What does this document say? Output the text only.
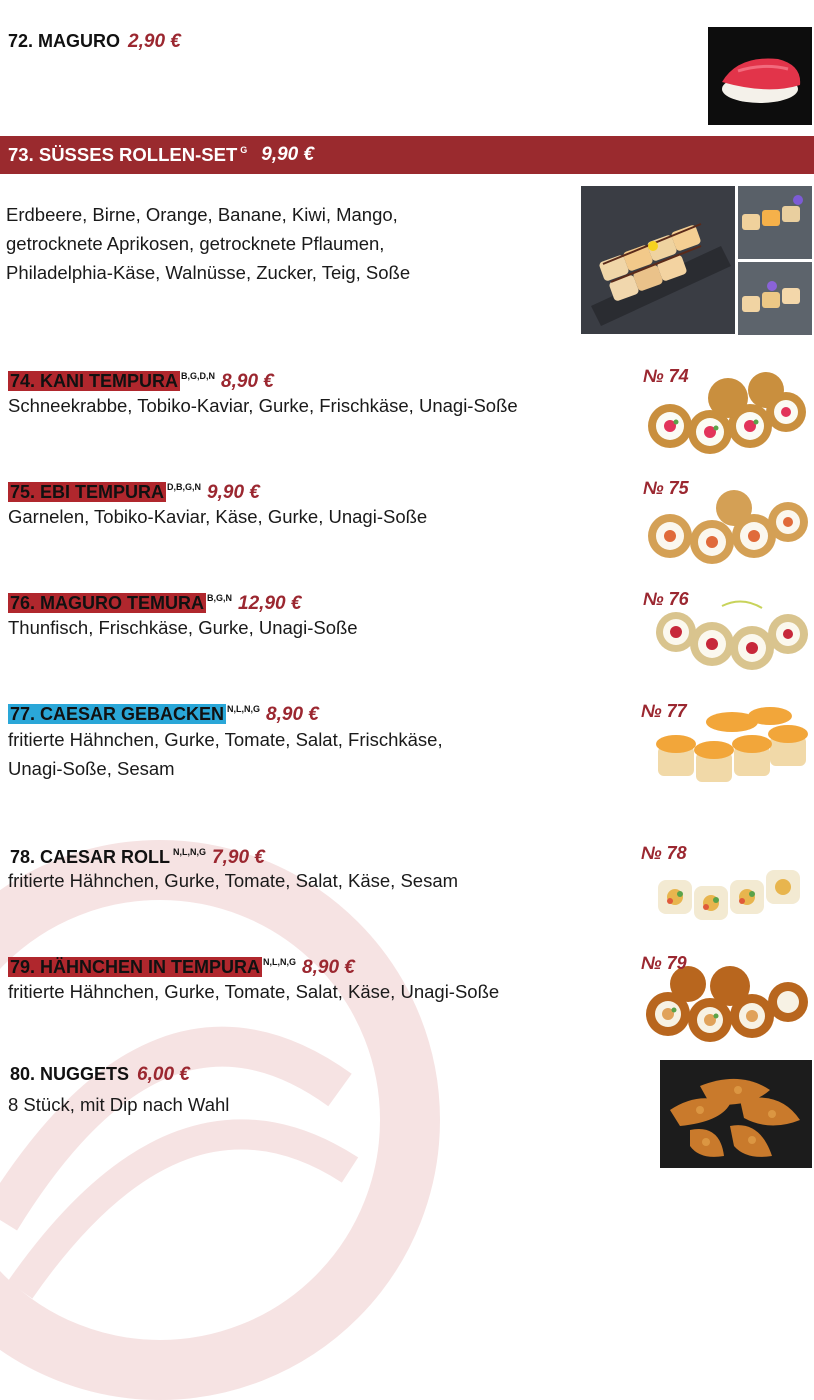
72. MAGURO 2,90 €
73. SÜSSES ROLLEN-SET $^G$ 9,90 €
Erdbeere, Birne, Orange, Banane, Kiwi, Mango,
getrocknete Aprikosen, getrocknete Pflaumen,
Philadelphia-Käse, Walnüsse, Zucker, Teig, Soße
74. KANI TEMPURA $^{B,G,D,N}$ 8,90 €
Schneekrabbe, Tobiko-Kaviar, Gurke, Frischkäse, Unagi-Soße
№ 74
75. EBI TEMPURA $^{D,B,G,N}$ 9,90 €
Garnelen, Tobiko-Kaviar, Käse, Gurke, Unagi-Soße
№ 75
76. MAGURO TEMURA $^{B,G,N}$ 12,90 €
Thunfisch, Frischkäse, Gurke, Unagi-Soße
№ 76
77. CAESAR GEBACKEN $^{N,L,N,G}$ 8,90 €
fritierte Hähnchen, Gurke, Tomate, Salat, Frischkäse,
Unagi-Soße, Sesam
№ 77
78. CAESAR ROLL $^{N,L,N,G}$ 7,90 €
fritierte Hähnchen, Gurke, Tomate, Salat, Käse, Sesam
№ 78
79. HÄHNCHEN IN TEMPURA $^{N,L,N,G}$ 8,90 €
fritierte Hähnchen, Gurke, Tomate, Salat, Käse, Unagi-Soße
№ 79
80. NUGGETS 6,00 €
8 Stück, mit Dip nach Wahl
